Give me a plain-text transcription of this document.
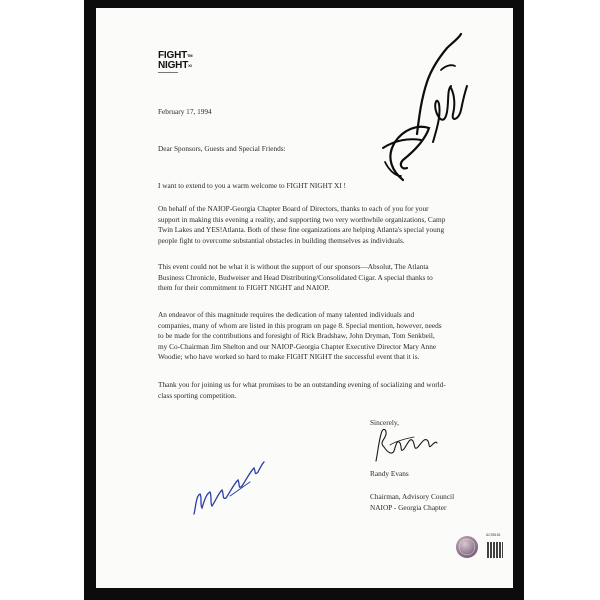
FIGHT™
$NIGHT^{XI}$
February 17, 1994
Dear Sponsors, Guests and Special Friends:
I want to extend to you a warm welcome to FIGHT NIGHT XI !
On behalf of the NAIOP-Georgia Chapter Board of Directors, thanks to each of you for your
support in making this evening a reality, and supporting two very worthwhile organizations, Camp
Twin Lakes and YES!Atlanta. Both of these fine organizations are helping Atlanta's special young
people fight to overcome substantial obstacles in building themselves as individuals.
This event could not be what it is without the support of our sponsors—Absolut, The Atlanta
Business Chronicle, Budweiser and Head Distributing/Consolidated Cigar. A special thanks to
them for their commitment to FIGHT NIGHT and NAIOP.
An endeavor of this magnitude requires the dedication of many talented individuals and
companies, many of whom are listed in this program on page 8. Special mention, however, needs
to be made for the contributions and foresight of Rick Bradshaw, John Dryman, Tom Senkbeil,
my Co-Chairman Jim Shelton and our NAIOP-Georgia Chapter Executive Director Mary Anne
Woodie; who have worked so hard to make FIGHT NIGHT the successful event that it is.
Thank you for joining us for what promises to be an outstanding evening of socializing and world-
class sporting competition.
Sincerely,
Randy Evans
Chairman, Advisory Council
NAIOP - Georgia Chapter
AC95151
